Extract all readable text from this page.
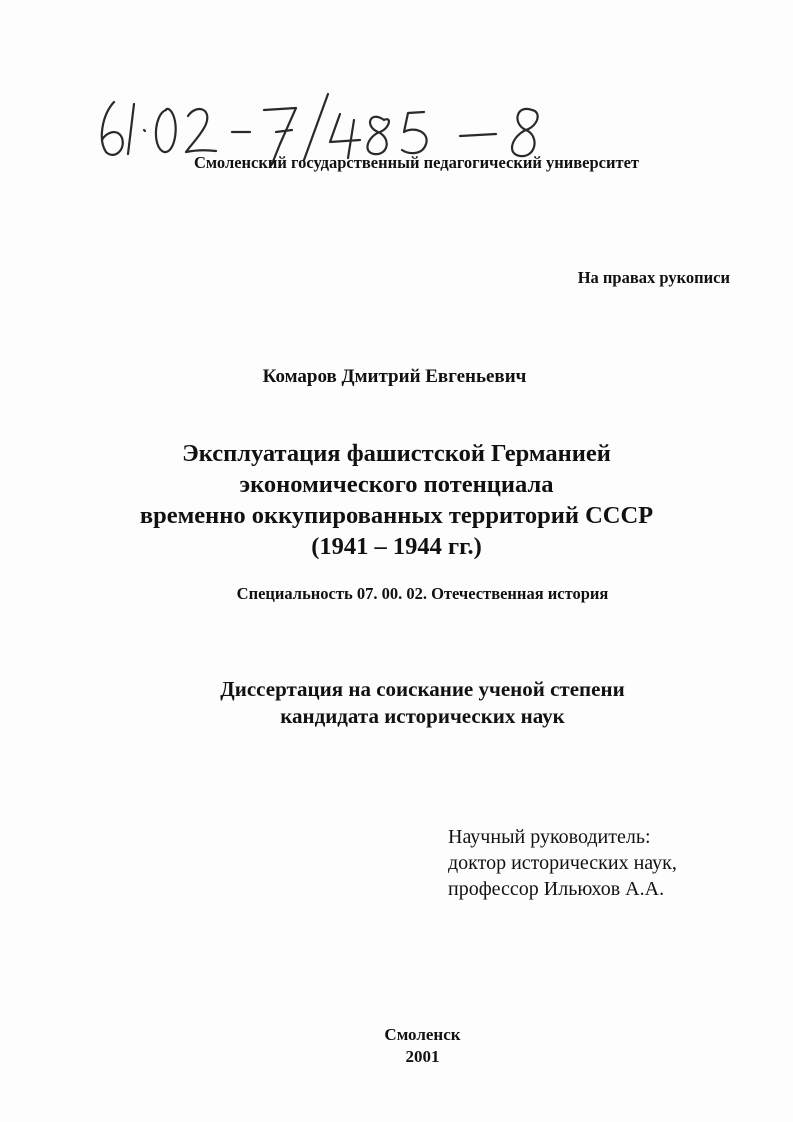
Смоленский государственный педагогический университет
На правах рукописи
Комаров Дмитрий Евгеньевич
Эксплуатация фашистской Германией
экономического потенциала
временно оккупированных территорий СССР
(1941 – 1944 гг.)
Специальность 07. 00. 02. Отечественная история
Диссертация на соискание ученой степени
кандидата исторических наук
Научный руководитель:
доктор исторических наук,
профессор Ильюхов А.А.
Смоленск
2001
